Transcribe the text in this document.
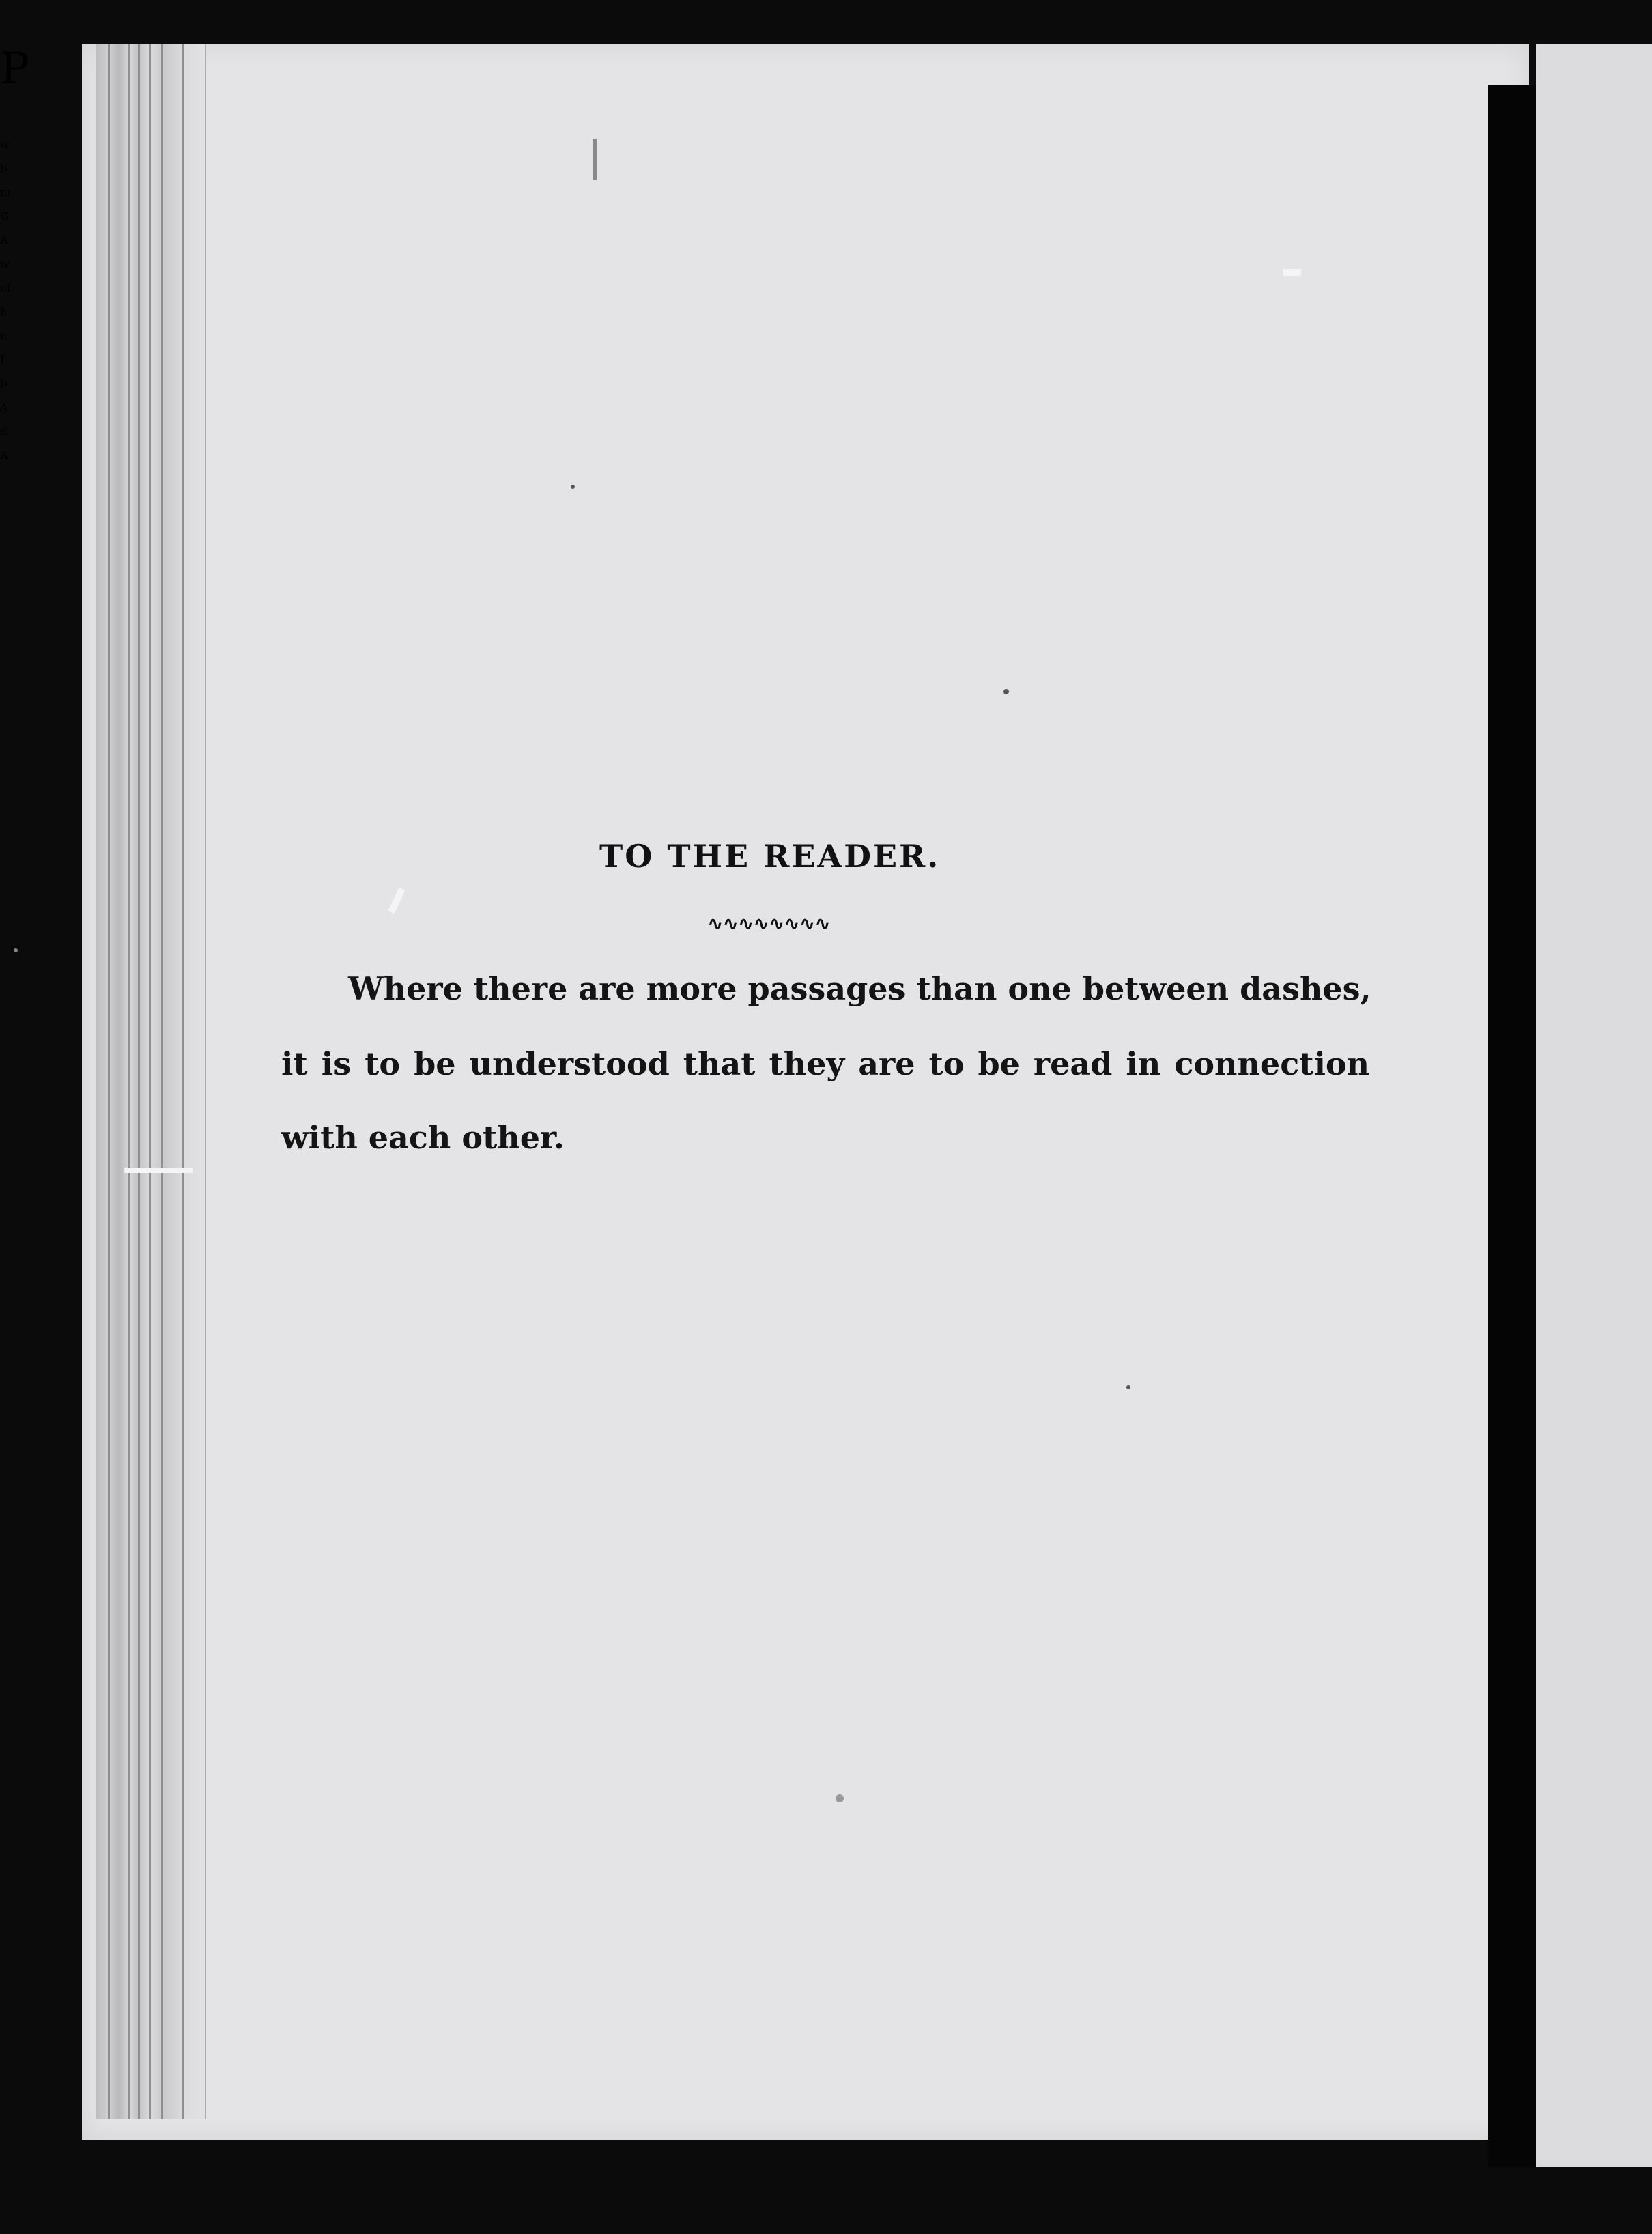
P

w

b

m

G

A

w

of

h

u

I

b

A

d

A

TO THE READER.
∿∿∿∿∿∿∿∿

Where there are more passages than one between dashes,

it is to be understood that they are to be read in connection

with each other.
